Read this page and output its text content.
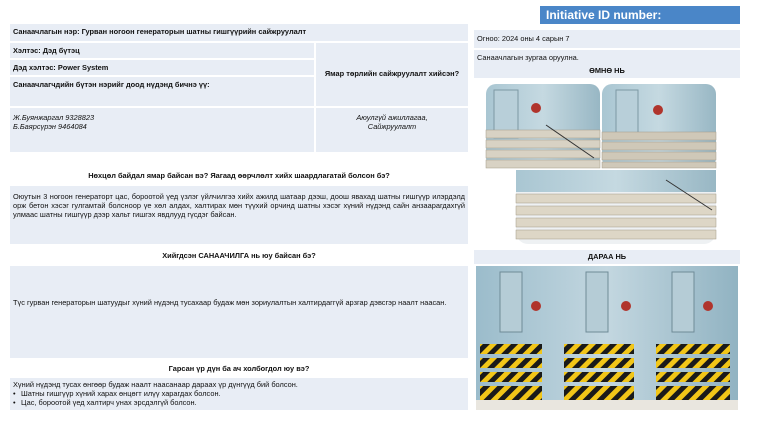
Initiative ID number:
Санаачлагын нэр: Гурван ногоон генераторын шатны гишгүүрийн сайжруулалт
Хэлтэс: Дэд бүтэц
Дэд хэлтэс: Power System
Санаачлагчдийн бүтэн нэрийг доод нүдэнд бичнэ үү:
Ямар төрлийн сайжруулалт хийсэн?
Ж.Буянжаргал 9328823
Б.Баярсүрэн 9464084
Аюулгүй ажиллагаа, Сайжруулалт
Нөхцөл байдал ямар байсан вэ? Яагаад өөрчлөлт хийх шаардлагатай болсон бэ?
Оюутын 3 ногоон генераторт цас, бороотой үед үзлэг үйлчилгээ хийх ажилд шатаар дээш, доош явахад шатны гишгүүр илэрдэлд орж бетон хэсэг гулгамтай болсноор үе хөл алдах, халтирах мөн түүхий орчинд шатны хэсэг хүний нүдэнд сайн анзаарагдахгүй улмаас шатны гишгүүр дээр хальт гишгэх явдлууд гүсдэг байсан.
Хийгдсэн САНААЧИЛГА нь юу байсан бэ?
Түс гурван генераторын шатуудыг хүний нүдэнд тусахаар будаж мөн зориулалтын халтирдаггүй арзгар дэвсгэр наалт наасан.
Гарсан үр дүн ба ач холбогдол юу вэ?
Хүний нүдэнд тусах өнгөөр будаж наалт наасанаар дараах үр дүнгүүд бий болсон.
• Шатны гишгүүр хүний харах өнцөгт илүү харагдах болсон.
• Цас, бороотой үед халтирч унах эрсдэлгүй болсон.
Огноо: 2024 оны 4 сарын 7
Санаачлагын зургаа оруулна.
ӨМНӨ НЬ
ДАРАА НЬ
